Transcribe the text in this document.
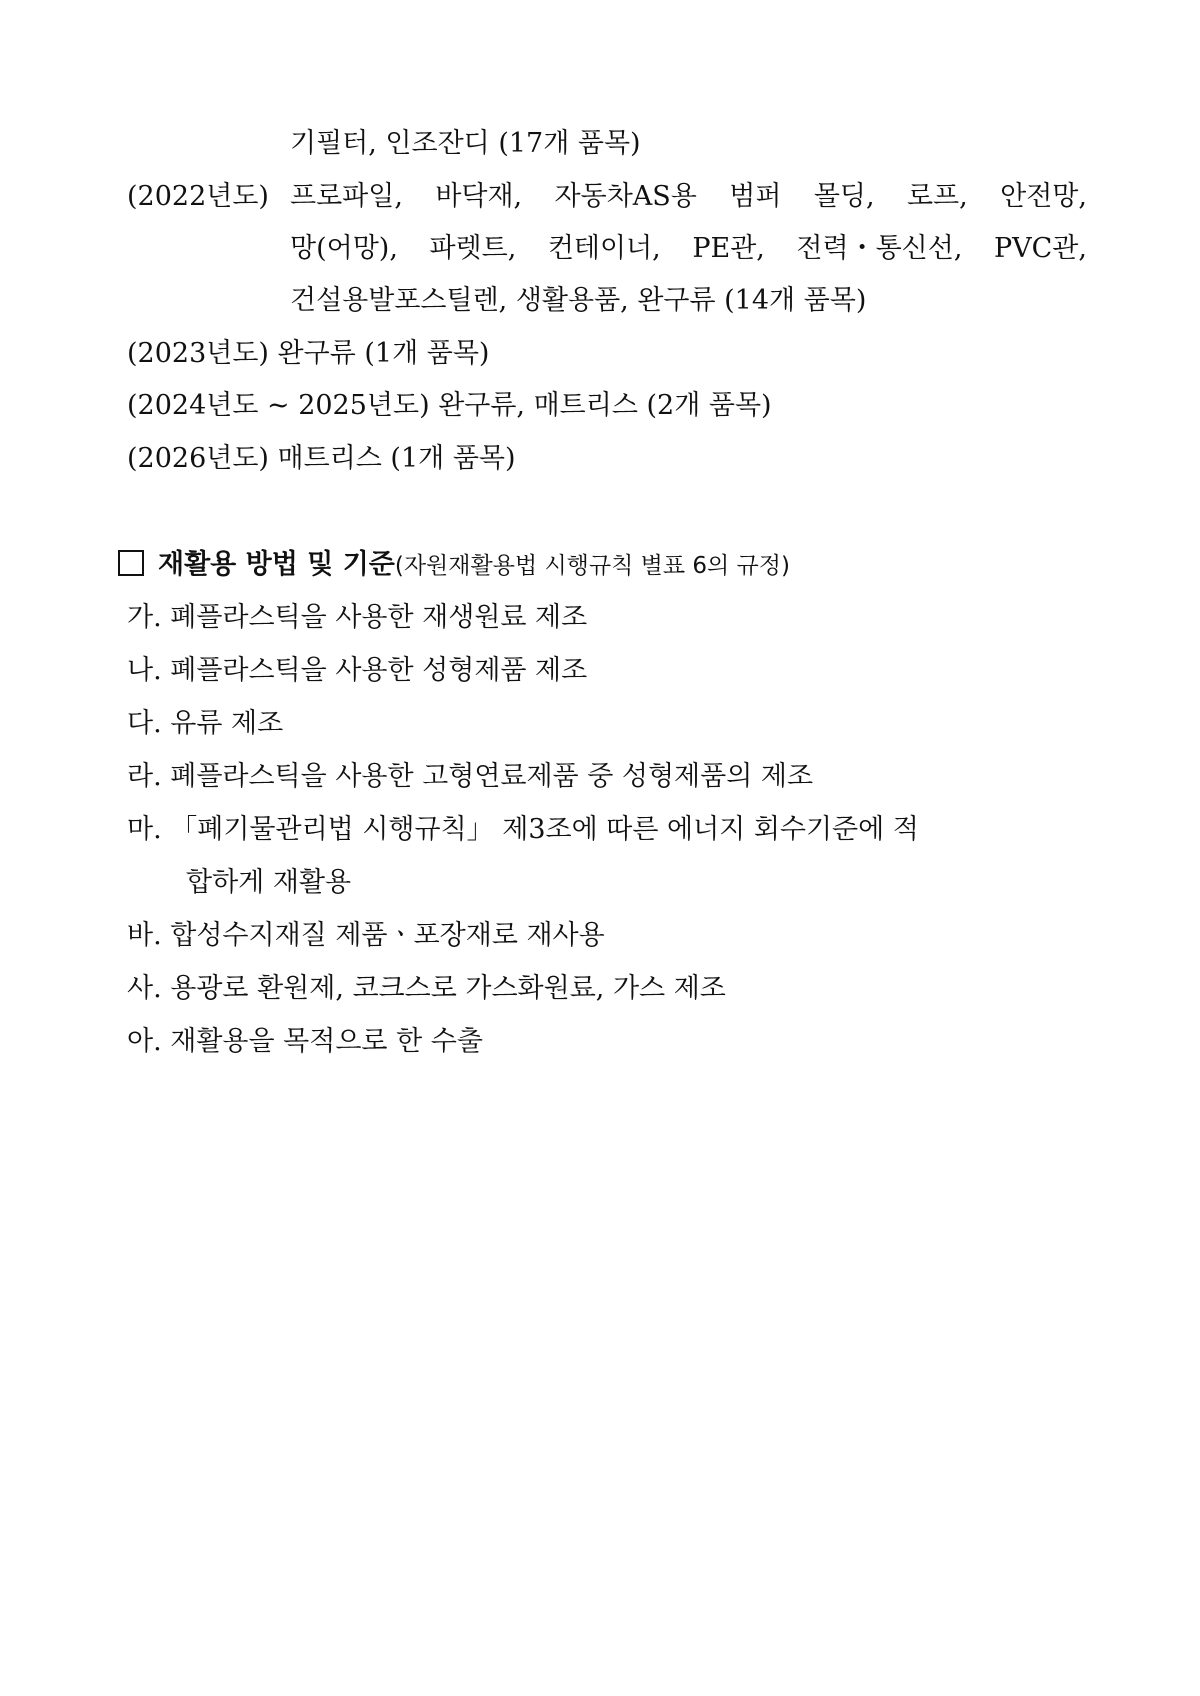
기필터, 인조잔디 (17개 품목)
(2022년도) 프로파일, 바닥재, 자동차AS용 범퍼 몰딩, 로프, 안전망,
망(어망), 파렛트, 컨테이너, PE관, 전력・통신선, PVC관,
건설용발포스틸렌, 생활용품, 완구류 (14개 품목)
(2023년도) 완구류 (1개 품목)
(2024년도 ~ 2025년도) 완구류, 매트리스 (2개 품목)
(2026년도) 매트리스 (1개 품목)
재활용 방법 및 기준(자원재활용법 시행규칙 별표 6의 규정)
가. 폐플라스틱을 사용한 재생원료 제조
나. 폐플라스틱을 사용한 성형제품 제조
다. 유류 제조
라. 폐플라스틱을 사용한 고형연료제품 중 성형제품의 제조
마. 「폐기물관리법 시행규칙」 제3조에 따른 에너지 회수기준에 적
합하게 재활용
바. 합성수지재질 제품ㆍ포장재로 재사용
사. 용광로 환원제, 코크스로 가스화원료, 가스 제조
아. 재활용을 목적으로 한 수출
